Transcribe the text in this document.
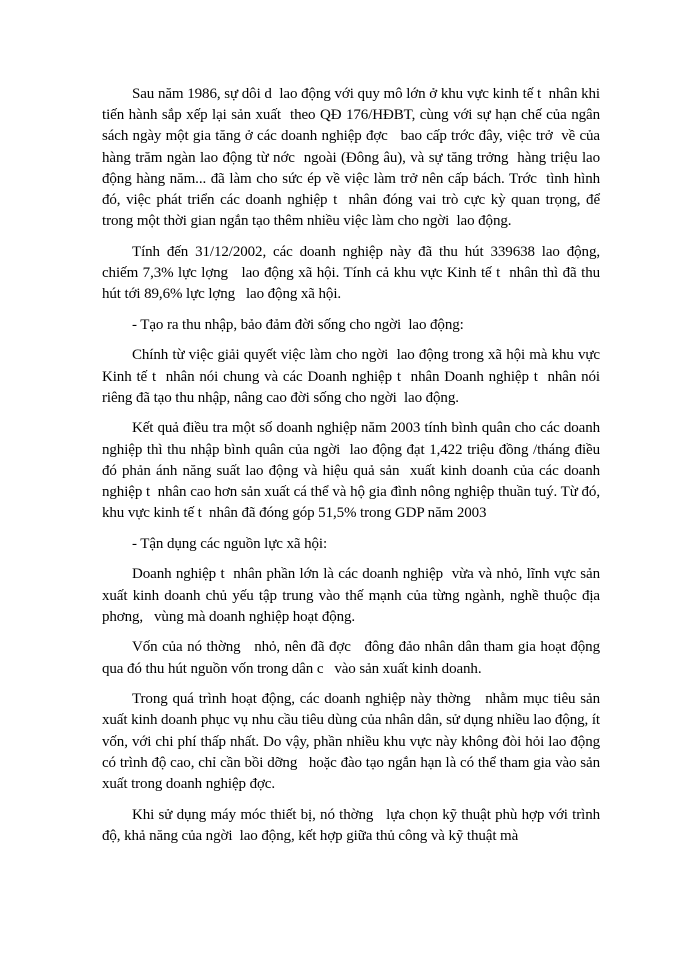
Sau năm 1986, sự dôi d  lao động với quy mô lớn ở khu vực kinh tế t  nhân khi tiến hành sắp xếp lại sản xuất  theo QĐ 176/HĐBT, cùng với sự hạn chế của ngân sách ngày một gia tăng ở các doanh nghiệp đợc   bao cấp trớc đây, việc trở  về của hàng trăm ngàn lao động từ nớc  ngoài (Đông âu), và sự tăng trởng  hàng triệu lao động hàng năm... đã làm cho sức ép về việc làm trở nên cấp bách. Trớc  tình hình đó, việc phát triển các doanh nghiệp t  nhân đóng vai trò cực kỳ quan trọng, để trong một thời gian ngắn tạo thêm nhiều việc làm cho ngời  lao động.

Tính đến 31/12/2002, các doanh nghiệp này đã thu hút 339638 lao động, chiếm 7,3% lực lợng   lao động xã hội. Tính cả khu vực Kinh tế t  nhân thì đã thu hút tới 89,6% lực lợng   lao động xã hội.

- Tạo ra thu nhập, bảo đảm đời sống cho ngời  lao động:

Chính từ việc giải quyết việc làm cho ngời  lao động trong xã hội mà khu vực Kinh tế t  nhân nói chung và các Doanh nghiệp t  nhân Doanh nghiệp t  nhân nói riêng đã tạo thu nhập, nâng cao đời sống cho ngời  lao động.

Kết quả điều tra một số doanh nghiệp năm 2003 tính bình quân cho các doanh nghiệp thì thu nhập bình quân của ngời  lao động đạt 1,422 triệu đồng /tháng điều đó phản ánh năng suất lao động và hiệu quả sản  xuất kinh doanh của các doanh nghiệp t  nhân cao hơn sản xuất cá thể và hộ gia đình nông nghiệp thuần tuý. Từ đó, khu vực kinh tế t  nhân đã đóng góp 51,5% trong GDP năm 2003

- Tận dụng các nguồn lực xã hội:

Doanh nghiệp t  nhân phần lớn là các doanh nghiệp  vừa và nhỏ, lĩnh vực sản xuất kinh doanh chủ yếu tập trung vào thế mạnh của từng ngành, nghề thuộc địa phơng,   vùng mà doanh nghiệp hoạt động.

Vốn của nó thờng   nhỏ, nên đã đợc   đông đảo nhân dân tham gia hoạt động qua đó thu hút nguồn vốn trong dân c   vào sản xuất kinh doanh.

Trong quá trình hoạt động, các doanh nghiệp này thờng   nhằm mục tiêu sản xuất kinh doanh phục vụ nhu cầu tiêu dùng của nhân dân, sử dụng nhiều lao động, ít vốn, với chi phí thấp nhất. Do vậy, phần nhiều khu vực này không đòi hỏi lao động có trình độ cao, chỉ cần bồi dỡng   hoặc đào tạo ngắn hạn là có thể tham gia vào sản xuất trong doanh nghiệp đợc.

Khi sử dụng máy móc thiết bị, nó thờng   lựa chọn kỹ thuật phù hợp với trình độ, khả năng của ngời  lao động, kết hợp giữa thủ công và kỹ thuật mà
